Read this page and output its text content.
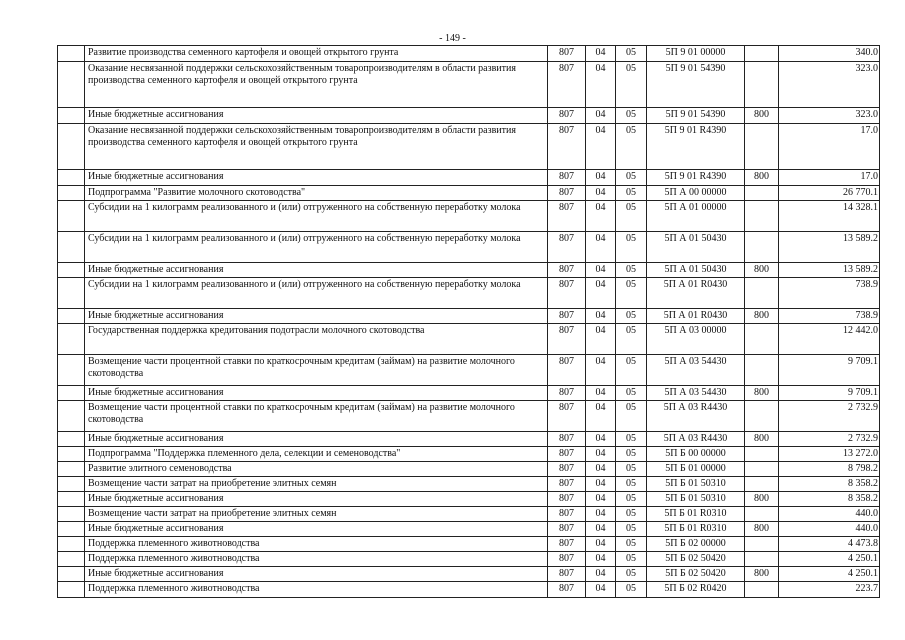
- 149 -
	Развитие производства семенного картофеля и овощей открытого грунта	807	04	05	5П 9 01 00000		340.0
	Оказание несвязанной поддержки сельскохозяйственным товаропроизводителям в области развития производства семенного картофеля и овощей открытого грунта	807	04	05	5П 9 01 54390		323.0
	Иные бюджетные ассигнования	807	04	05	5П 9 01 54390	800	323.0
	Оказание несвязанной поддержки сельскохозяйственным товаропроизводителям в области развития производства семенного картофеля и овощей открытого грунта	807	04	05	5П 9 01 R4390		17.0
	Иные бюджетные ассигнования	807	04	05	5П 9 01 R4390	800	17.0
	Подпрограмма "Развитие молочного скотоводства"	807	04	05	5П А 00 00000		26 770.1
	Субсидии на 1 килограмм реализованного и (или) отгруженного на собственную переработку молока	807	04	05	5П А 01 00000		14 328.1
	Субсидии на 1 килограмм реализованного и (или) отгруженного на собственную переработку молока	807	04	05	5П А 01 50430		13 589.2
	Иные бюджетные ассигнования	807	04	05	5П А 01 50430	800	13 589.2
	Субсидии на 1 килограмм реализованного и (или) отгруженного на собственную переработку молока	807	04	05	5П А 01 R0430		738.9
	Иные бюджетные ассигнования	807	04	05	5П А 01 R0430	800	738.9
	Государственная поддержка кредитования подотрасли молочного скотоводства	807	04	05	5П А 03 00000		12 442.0
	Возмещение части процентной ставки по краткосрочным кредитам (займам) на развитие молочного скотоводства	807	04	05	5П А 03 54430		9 709.1
	Иные бюджетные ассигнования	807	04	05	5П А 03 54430	800	9 709.1
	Возмещение части процентной ставки по краткосрочным кредитам (займам) на развитие молочного скотоводства	807	04	05	5П А 03 R4430		2 732.9
	Иные бюджетные ассигнования	807	04	05	5П А 03 R4430	800	2 732.9
	Подпрограмма "Поддержка племенного дела, селекции и семеноводства"	807	04	05	5П Б 00 00000		13 272.0
	Развитие элитного семеноводства	807	04	05	5П Б 01 00000		8 798.2
	Возмещение части затрат на приобретение элитных семян	807	04	05	5П Б 01 50310		8 358.2
	Иные бюджетные ассигнования	807	04	05	5П Б 01 50310	800	8 358.2
	Возмещение части затрат на приобретение элитных семян	807	04	05	5П Б 01 R0310		440.0
	Иные бюджетные ассигнования	807	04	05	5П Б 01 R0310	800	440.0
	Поддержка племенного животноводства	807	04	05	5П Б 02 00000		4 473.8
	Поддержка племенного животноводства	807	04	05	5П Б 02 50420		4 250.1
	Иные бюджетные ассигнования	807	04	05	5П Б 02 50420	800	4 250.1
	Поддержка племенного животноводства	807	04	05	5П Б 02 R0420		223.7
